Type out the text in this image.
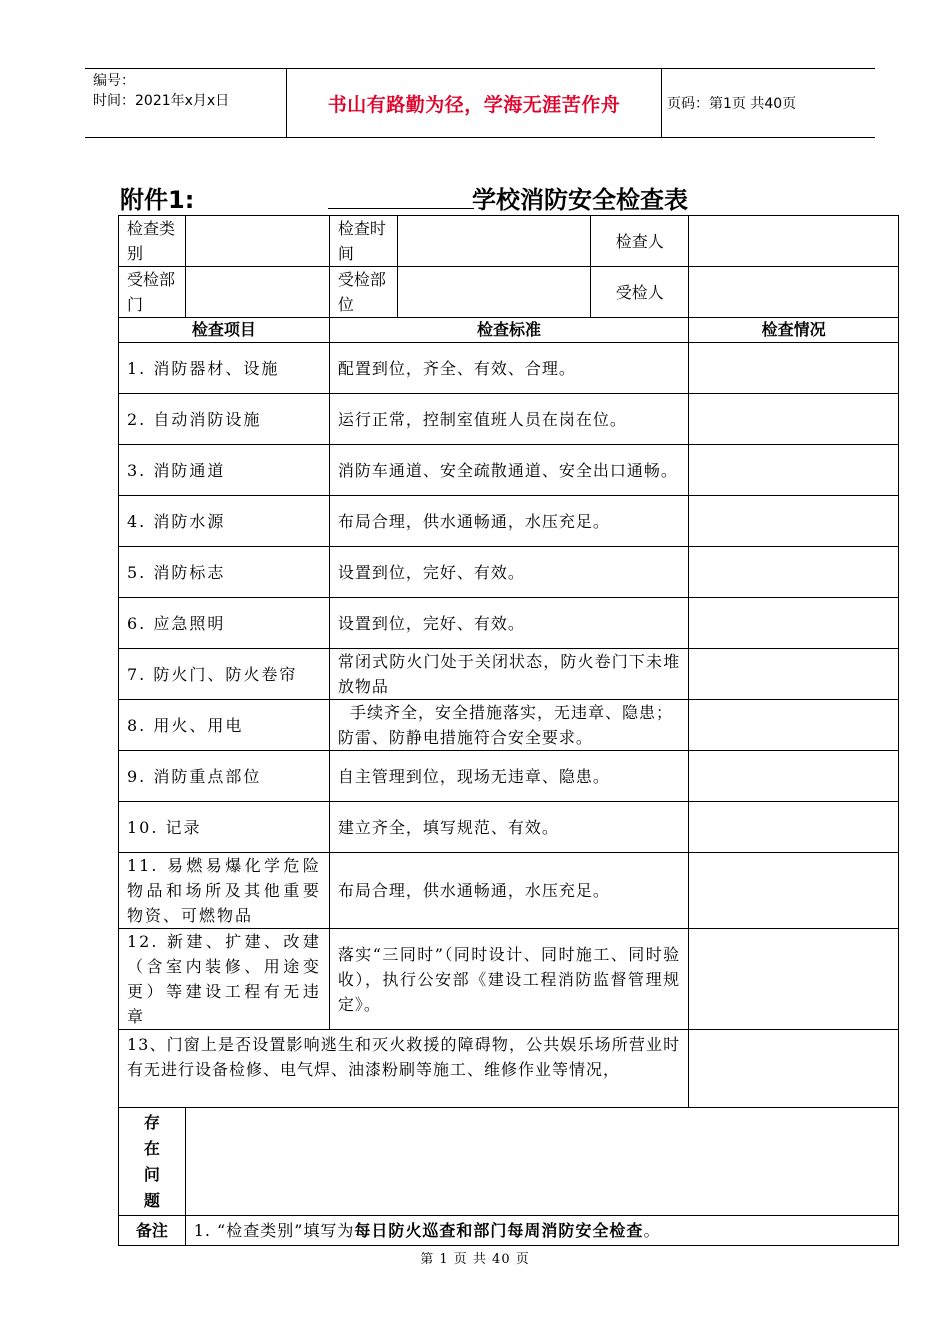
编号：
时间：2021年x月x日	书山有路勤为径，学海无涯苦作舟	页码：第1页 共40页
附件1:	学校消防安全检查表
检查类别		检查时间		检查人	
受检部门		受检部位		受检人	
检查项目		检查标准			检查情况
1. 消防器材、设施		配置到位，齐全、有效、合理。			
2. 自动消防设施		运行正常，控制室值班人员在岗在位。			
3. 消防通道		消防车通道、安全疏散通道、安全出口通畅。			
4. 消防水源		布局合理，供水通畅通，水压充足。			
5. 消防标志		设置到位，完好、有效。			
6. 应急照明		设置到位，完好、有效。			
7. 防火门、防火卷帘		常闭式防火门处于关闭状态，防火卷门下未堆放物品			
8. 用火、用电		手续齐全，安全措施落实，无违章、隐患；防雷、防静电措施符合安全要求。			
9. 消防重点部位		自主管理到位，现场无违章、隐患。			
10. 记录		建立齐全，填写规范、有效。			
11. 易燃易爆化学危险物品和场所及其他重要物资、可燃物品		布局合理，供水通畅通，水压充足。			
12. 新建、扩建、改建（含室内装修、用途变更）等建设工程有无违章		落实“三同时”（同时设计、同时施工、同时验收），执行公安部《建设工程消防监督管理规定》。			
13、门窗上是否设置影响逃生和灭火救援的障碍物，公共娱乐场所营业时有无进行设备检修、电气焊、油漆粉刷等施工、维修作业等情况，					

存
在
问
题					

备注	1. “检查类别”填写为每日防火巡查和部门每周消防安全检查。				
第 1 页 共 40 页
